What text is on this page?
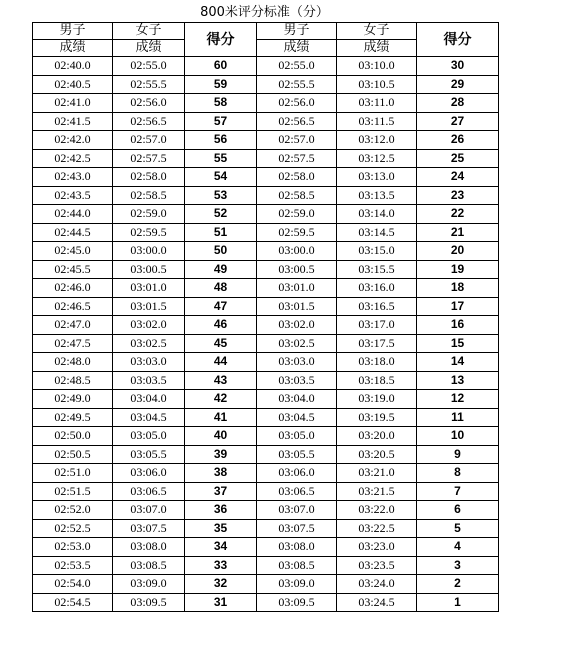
800米评分标准（分）
男子	女子	得分	男子	女子	得分
成绩	成绩		成绩	成绩	
02:40.0	02:55.0	60	02:55.0	03:10.0	30
02:40.5	02:55.5	59	02:55.5	03:10.5	29
02:41.0	02:56.0	58	02:56.0	03:11.0	28
02:41.5	02:56.5	57	02:56.5	03:11.5	27
02:42.0	02:57.0	56	02:57.0	03:12.0	26
02:42.5	02:57.5	55	02:57.5	03:12.5	25
02:43.0	02:58.0	54	02:58.0	03:13.0	24
02:43.5	02:58.5	53	02:58.5	03:13.5	23
02:44.0	02:59.0	52	02:59.0	03:14.0	22
02:44.5	02:59.5	51	02:59.5	03:14.5	21
02:45.0	03:00.0	50	03:00.0	03:15.0	20
02:45.5	03:00.5	49	03:00.5	03:15.5	19
02:46.0	03:01.0	48	03:01.0	03:16.0	18
02:46.5	03:01.5	47	03:01.5	03:16.5	17
02:47.0	03:02.0	46	03:02.0	03:17.0	16
02:47.5	03:02.5	45	03:02.5	03:17.5	15
02:48.0	03:03.0	44	03:03.0	03:18.0	14
02:48.5	03:03.5	43	03:03.5	03:18.5	13
02:49.0	03:04.0	42	03:04.0	03:19.0	12
02:49.5	03:04.5	41	03:04.5	03:19.5	11
02:50.0	03:05.0	40	03:05.0	03:20.0	10
02:50.5	03:05.5	39	03:05.5	03:20.5	9
02:51.0	03:06.0	38	03:06.0	03:21.0	8
02:51.5	03:06.5	37	03:06.5	03:21.5	7
02:52.0	03:07.0	36	03:07.0	03:22.0	6
02:52.5	03:07.5	35	03:07.5	03:22.5	5
02:53.0	03:08.0	34	03:08.0	03:23.0	4
02:53.5	03:08.5	33	03:08.5	03:23.5	3
02:54.0	03:09.0	32	03:09.0	03:24.0	2
02:54.5	03:09.5	31	03:09.5	03:24.5	1
